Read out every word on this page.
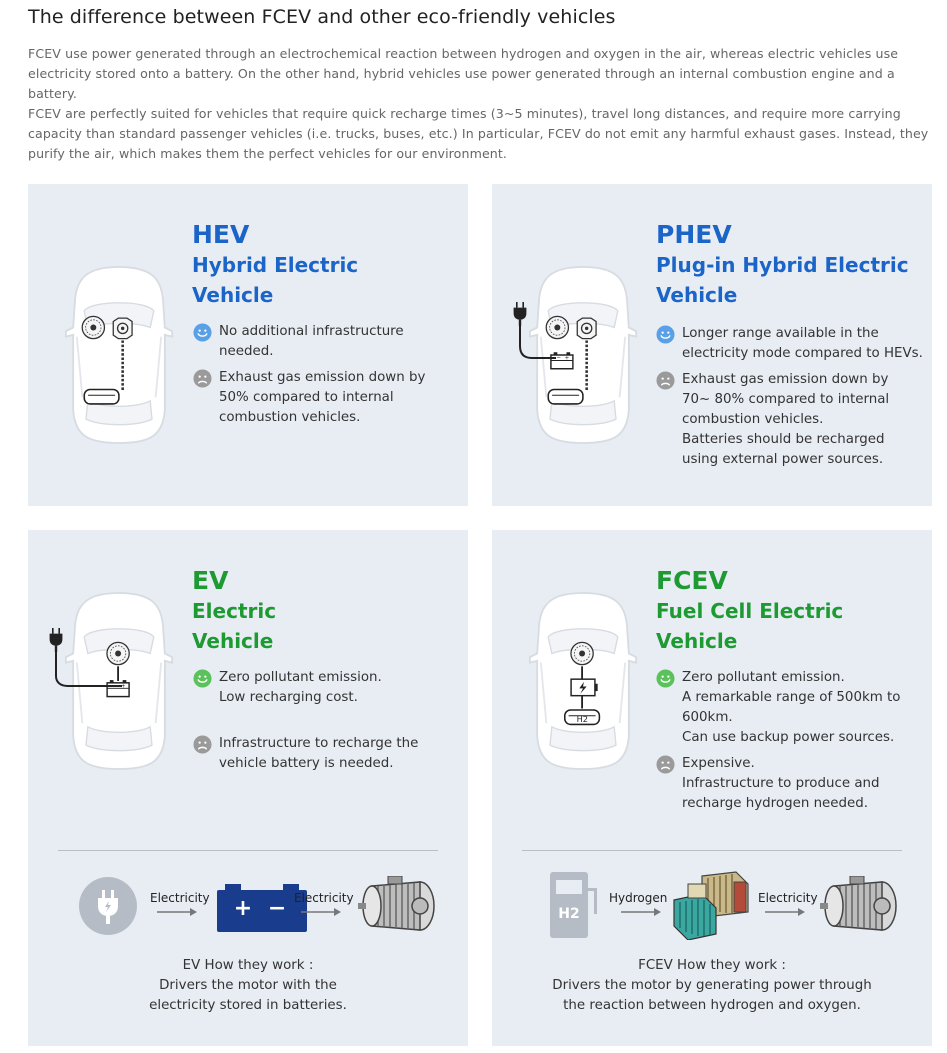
The difference between FCEV and other eco-friendly vehicles
FCEV use power generated through an electrochemical reaction between hydrogen and oxygen in the air, whereas electric vehicles use electricity stored onto a battery. On the other hand, hybrid vehicles use power generated through an internal combustion engine and a battery.
FCEV are perfectly suited for vehicles that require quick recharge times (3~5 minutes), travel long distances, and require more carrying capacity than standard passenger vehicles (i.e. trucks, buses, etc.) In particular, FCEV do not emit any harmful exhaust gases. Instead, they purify the air, which makes them the perfect vehicles for our environment.
HEV
Hybrid Electric
Vehicle
No additional infrastructure
needed.
Exhaust gas emission down by
50% compared to internal
combustion vehicles.
PHEV
Plug-in Hybrid Electric
Vehicle
Longer range available in the
electricity mode compared to HEVs.
Exhaust gas emission down by
70~ 80% compared to internal
combustion vehicles.
Batteries should be recharged
using external power sources.
EV
Electric
Vehicle
Zero pollutant emission.
Low recharging cost.
Infrastructure to recharge the
vehicle battery is needed.
Electricity	+ − Electricity
EV How they work :
Drivers the motor with the
electricity stored in batteries.
H2
FCEV
Fuel Cell Electric
Vehicle
Zero pollutant emission.
A remarkable range of 500km to
600km.
Can use backup power sources.
Expensive.
Infrastructure to produce and
recharge hydrogen needed.
H2
Hydrogen	Electricity
FCEV How they work :
Drivers the motor by generating power through
the reaction between hydrogen and oxygen.
